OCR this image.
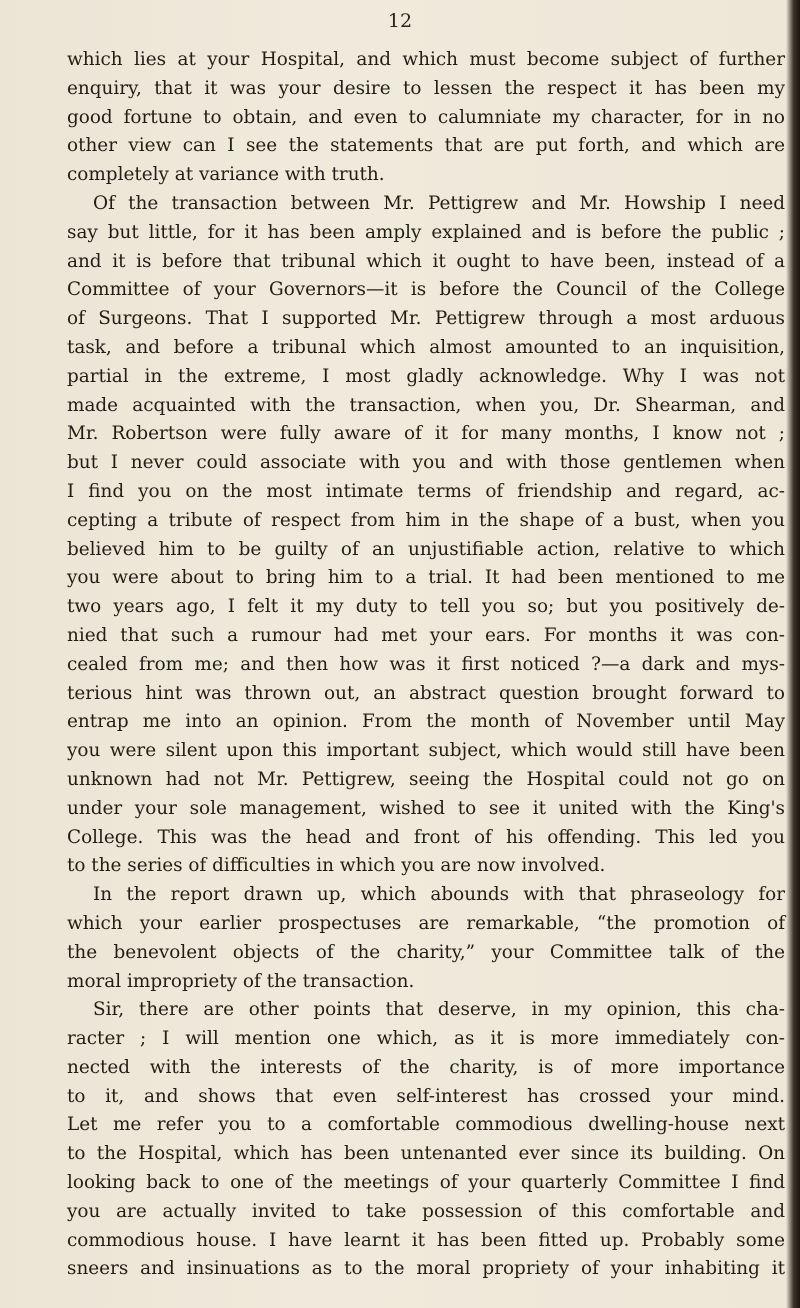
12

which lies at your Hospital, and which must become subject of further
enquiry, that it was your desire to lessen the respect it has been my
good fortune to obtain, and even to calumniate my character, for in no
other view can I see the statements that are put forth, and which are
completely at variance with truth.
Of the transaction between Mr. Pettigrew and Mr. Howship I need
say but little, for it has been amply explained and is before the public ;
and it is before that tribunal which it ought to have been, instead of a
Committee of your Governors—it is before the Council of the College
of Surgeons. That I supported Mr. Pettigrew through a most arduous
task, and before a tribunal which almost amounted to an inquisition,
partial in the extreme, I most gladly acknowledge. Why I was not
made acquainted with the transaction, when you, Dr. Shearman, and
Mr. Robertson were fully aware of it for many months, I know not ;
but I never could associate with you and with those gentlemen when
I find you on the most intimate terms of friendship and regard, ac-
cepting a tribute of respect from him in the shape of a bust, when you
believed him to be guilty of an unjustifiable action, relative to which
you were about to bring him to a trial. It had been mentioned to me
two years ago, I felt it my duty to tell you so; but you positively de-
nied that such a rumour had met your ears. For months it was con-
cealed from me; and then how was it first noticed ?—a dark and mys-
terious hint was thrown out, an abstract question brought forward to
entrap me into an opinion. From the month of November until May
you were silent upon this important subject, which would still have been
unknown had not Mr. Pettigrew, seeing the Hospital could not go on
under your sole management, wished to see it united with the King's
College. This was the head and front of his offending. This led you
to the series of difficulties in which you are now involved.
In the report drawn up, which abounds with that phraseology for
which your earlier prospectuses are remarkable, “the promotion of
the benevolent objects of the charity,” your Committee talk of the
moral impropriety of the transaction.
Sir, there are other points that deserve, in my opinion, this cha-
racter ; I will mention one which, as it is more immediately con-
nected with the interests of the charity, is of more importance
to it, and shows that even self-interest has crossed your mind.
Let me refer you to a comfortable commodious dwelling-house next
to the Hospital, which has been untenanted ever since its building. On
looking back to one of the meetings of your quarterly Committee I find
you are actually invited to take possession of this comfortable and
commodious house. I have learnt it has been fitted up. Probably some
sneers and insinuations as to the moral propriety of your inhabiting it
